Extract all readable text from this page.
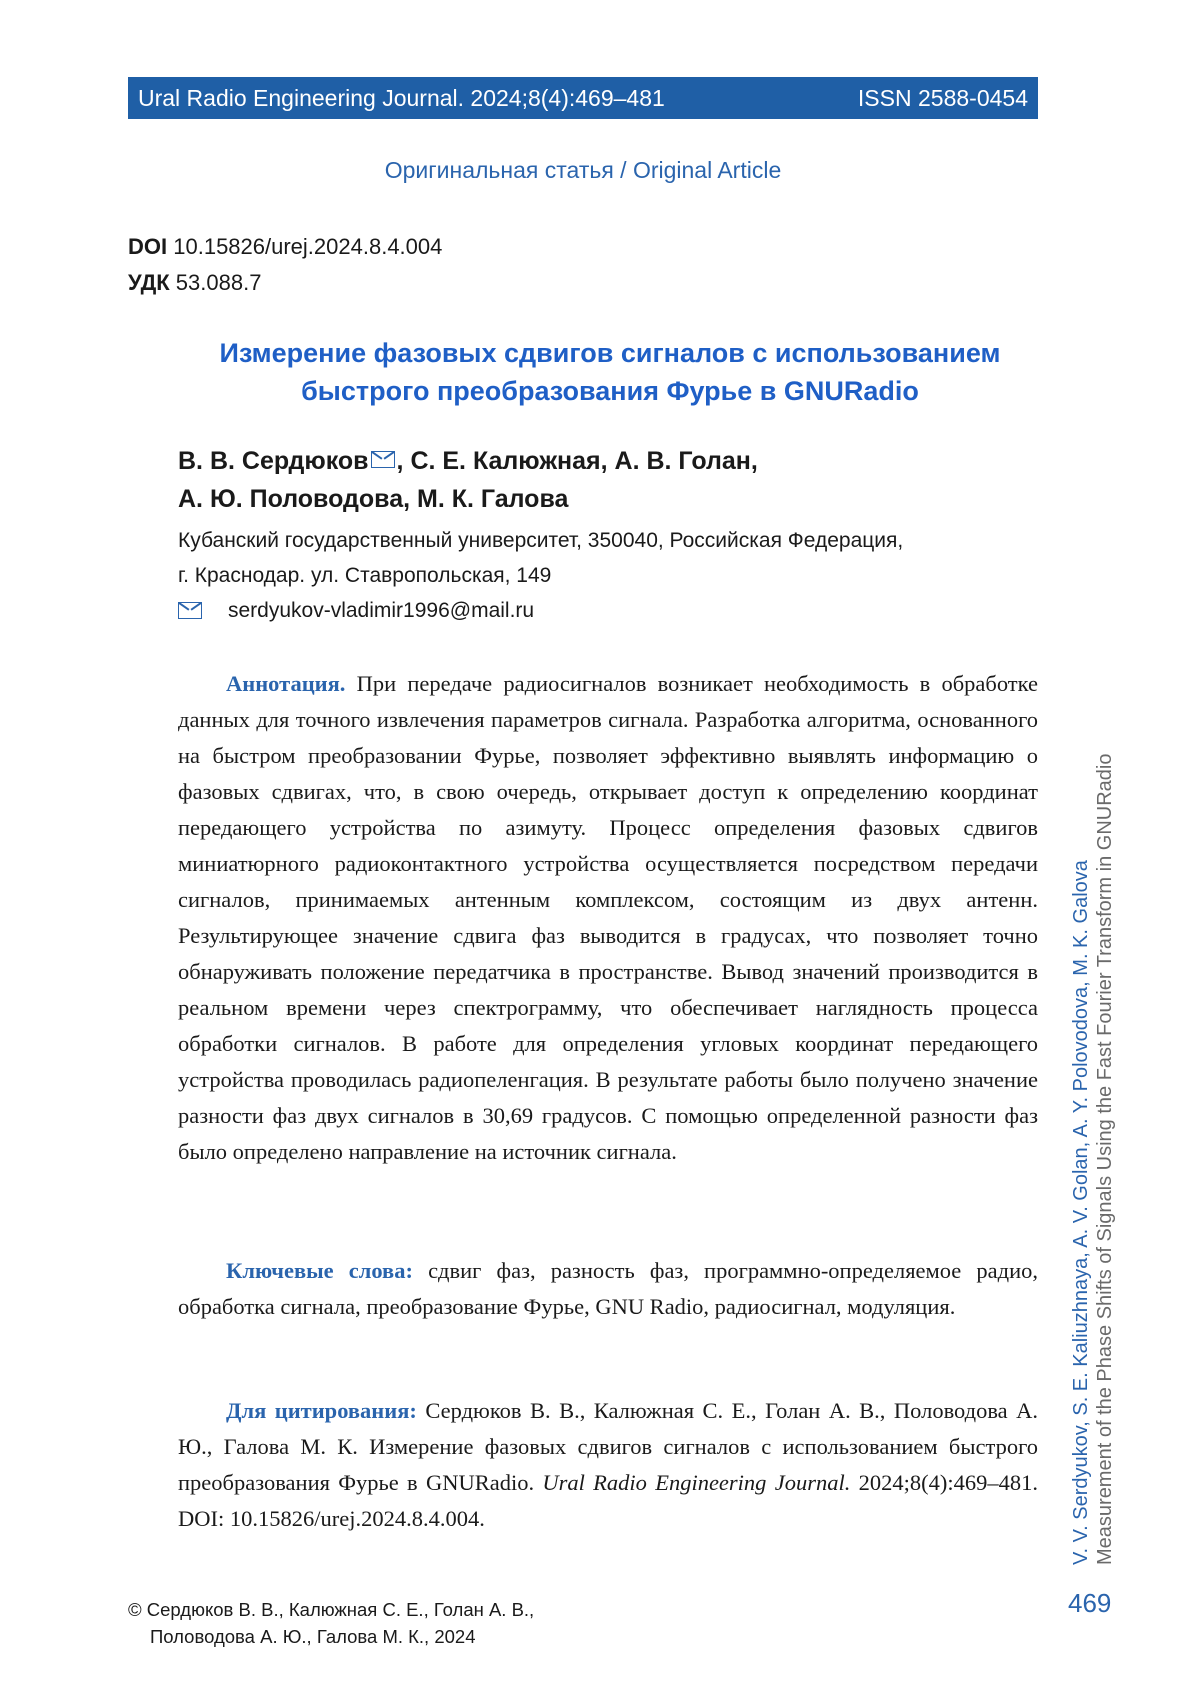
Ural Radio Engineering Journal. 2024;8(4):469–481	ISSN 2588-0454
Оригинальная статья / Original Article
DOI 10.15826/urej.2024.8.4.004
УДК 53.088.7
Измерение фазовых сдвигов сигналов с использованием
быстрого преобразования Фурье в GNURadio
В. В. Сердюков , С. Е. Калюжная, А. В. Голан,
А. Ю. Половодова, М. К. Галова
Кубанский государственный университет, 350040, Российская Федерация,
г. Краснодар. ул. Ставропольская, 149
serdyukov-vladimir1996@mail.ru

Аннотация. При передаче радиосигналов возникает необходимость в обработке данных для точного извлечения параметров сигнала. Разработка алгоритма, основанного на быстром преобразовании Фурье, позволяет эффективно выявлять информацию о фазовых сдвигах, что, в свою очередь, открывает доступ к определению координат передающего устройства по азимуту. Процесс определения фазовых сдвигов миниатюрного радиоконтактного устройства осуществляется посредством передачи сигналов, принимаемых антенным комплексом, состоящим из двух антенн. Результирующее значение сдвига фаз выводится в градусах, что позволяет точно обнаруживать положение передатчика в пространстве. Вывод значений производится в реальном времени через спектрограмму, что обеспечивает наглядность процесса обработки сигналов. В работе для определения угловых координат передающего устройства проводилась радиопеленгация. В результате работы было получено значение разности фаз двух сигналов в 30,69 градусов. С помощью определенной разности фаз было определено направление на источник сигнала.

Ключевые слова: сдвиг фаз, разность фаз, программно-определяемое радио, обработка сигнала, преобразование Фурье, GNU Radio, радиосигнал, модуляция.

Для цитирования: Сердюков В. В., Калюжная С. Е., Голан А. В., Половодова А. Ю., Галова М. К. Измерение фазовых сдвигов сигналов с использованием быстрого преобразования Фурье в GNURadio. Ural Radio Engineering Journal. 2024;8(4):469–481. DOI: 10.15826/urej.2024.8.4.004.	V. V. Serdyukov, S. E. Kaliuzhnaya, A. V. Golan, A. Y. Polovodova, M. K. Galova Measurement of the Phase Shifts of Signals Using the Fast Fourier Transform in GNURadio
© Сердюков В. В., Калюжная С. Е., Голан А. В.,
Половодова А. Ю., Галова М. К., 2024
469
